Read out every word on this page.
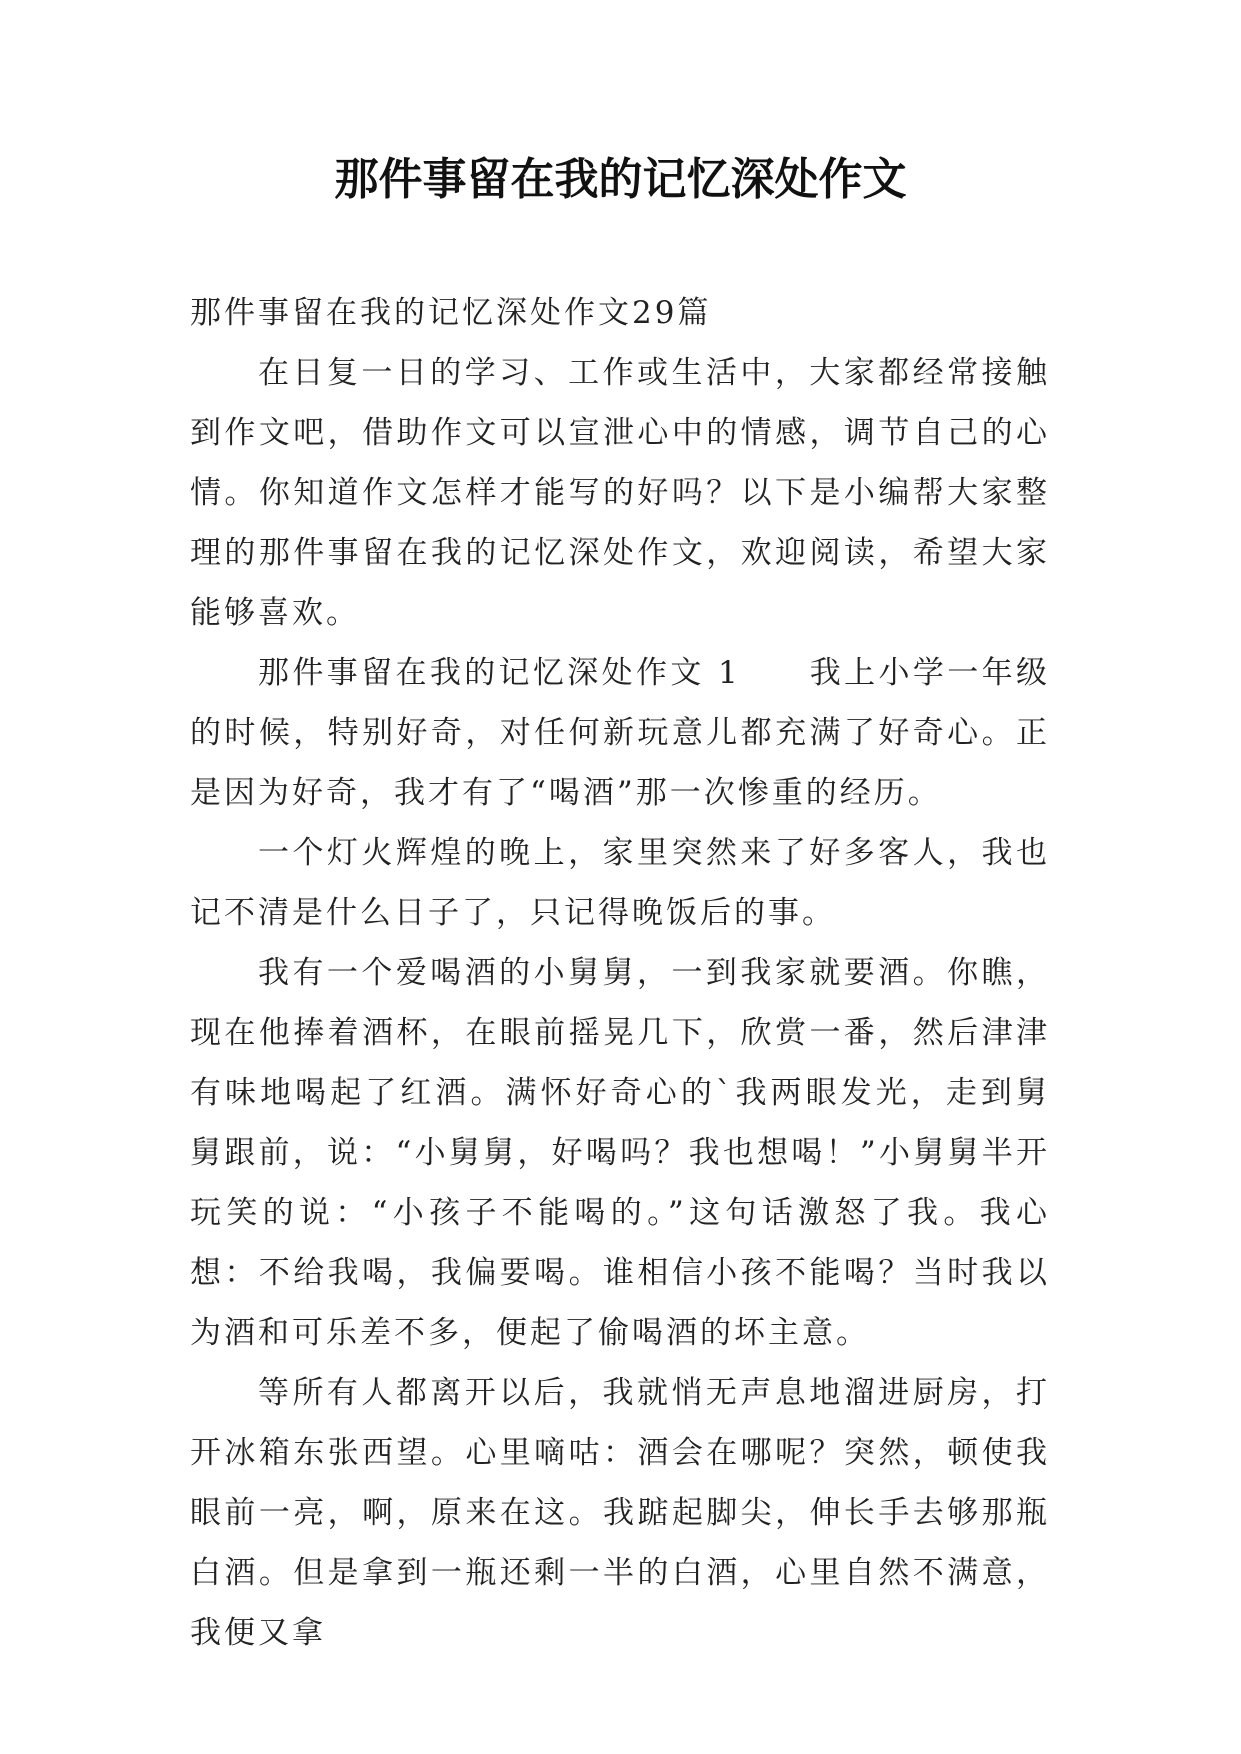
那件事留在我的记忆深处作文

那件事留在我的记忆深处作文29篇

在日复一日的学习、工作或生活中，大家都经常接触到作文吧，借助作文可以宣泄心中的情感，调节自己的心情。你知道作文怎样才能写的好吗？以下是小编帮大家整理的那件事留在我的记忆深处作文，欢迎阅读，希望大家能够喜欢。

那件事留在我的记忆深处作文 1　　我上小学一年级的时候，特别好奇，对任何新玩意儿都充满了好奇心。正是因为好奇，我才有了“喝酒”那一次惨重的经历。

一个灯火辉煌的晚上，家里突然来了好多客人，我也记不清是什么日子了，只记得晚饭后的事。

我有一个爱喝酒的小舅舅，一到我家就要酒。你瞧，现在他捧着酒杯，在眼前摇晃几下，欣赏一番，然后津津有味地喝起了红酒。满怀好奇心的`我两眼发光，走到舅舅跟前，说：“小舅舅，好喝吗？我也想喝！”小舅舅半开玩笑的说：“小孩子不能喝的。”这句话激怒了我。我心想：不给我喝，我偏要喝。谁相信小孩不能喝？当时我以为酒和可乐差不多，便起了偷喝酒的坏主意。

等所有人都离开以后，我就悄无声息地溜进厨房，打开冰箱东张西望。心里嘀咕：酒会在哪呢？突然，顿使我眼前一亮，啊，原来在这。我踮起脚尖，伸长手去够那瓶白酒。但是拿到一瓶还剩一半的白酒，心里自然不满意，我便又拿
